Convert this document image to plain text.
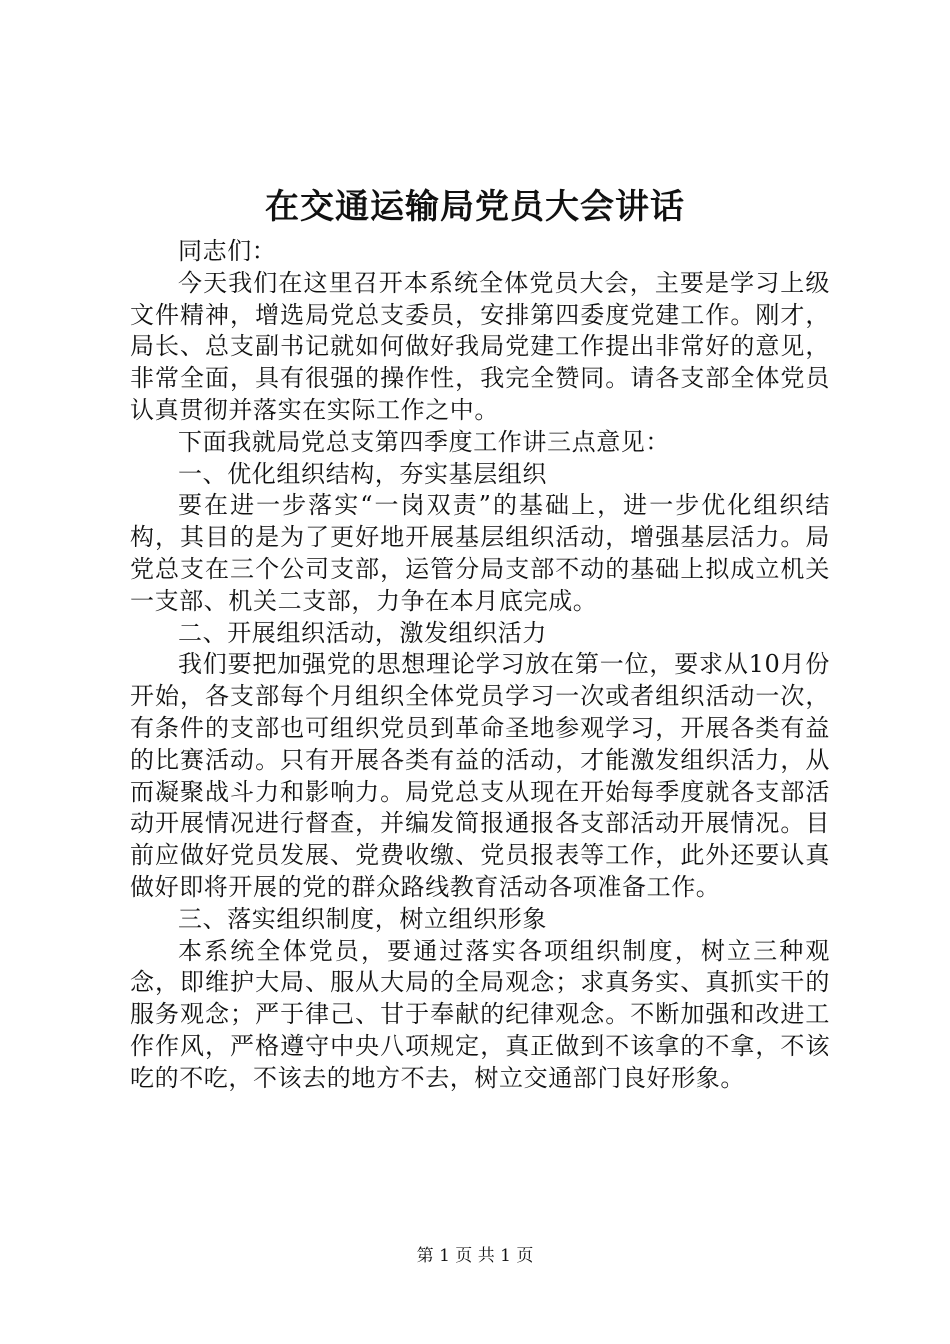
在交通运输局党员大会讲话

同志们：

今天我们在这里召开本系统全体党员大会，主要是学习上级文件精神，增选局党总支委员，安排第四委度党建工作。刚才，局长、总支副书记就如何做好我局党建工作提出非常好的意见，非常全面，具有很强的操作性，我完全赞同。请各支部全体党员认真贯彻并落实在实际工作之中。

下面我就局党总支第四季度工作讲三点意见：

一、优化组织结构，夯实基层组织

要在进一步落实“一岗双责”的基础上，进一步优化组织结构，其目的是为了更好地开展基层组织活动，增强基层活力。局党总支在三个公司支部，运管分局支部不动的基础上拟成立机关一支部、机关二支部，力争在本月底完成。

二、开展组织活动，激发组织活力

我们要把加强党的思想理论学习放在第一位，要求从10月份开始，各支部每个月组织全体党员学习一次或者组织活动一次，有条件的支部也可组织党员到革命圣地参观学习，开展各类有益的比赛活动。只有开展各类有益的活动，才能激发组织活力，从而凝聚战斗力和影响力。局党总支从现在开始每季度就各支部活动开展情况进行督查，并编发简报通报各支部活动开展情况。目前应做好党员发展、党费收缴、党员报表等工作，此外还要认真做好即将开展的党的群众路线教育活动各项准备工作。

三、落实组织制度，树立组织形象

本系统全体党员，要通过落实各项组织制度，树立三种观念，即维护大局、服从大局的全局观念；求真务实、真抓实干的服务观念；严于律己、甘于奉献的纪律观念。不断加强和改进工作作风，严格遵守中央八项规定，真正做到不该拿的不拿，不该吃的不吃，不该去的地方不去，树立交通部门良好形象。

第 1 页 共 1 页
